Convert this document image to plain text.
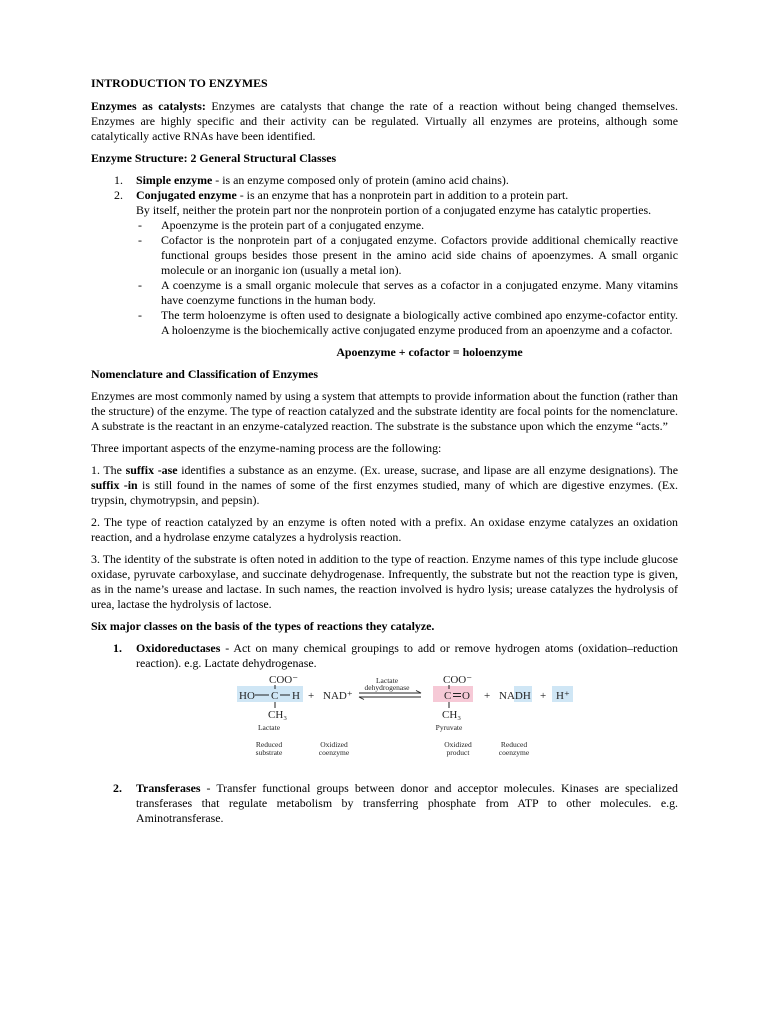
INTRODUCTION TO ENZYMES

Enzymes as catalysts: Enzymes are catalysts that change the rate of a reaction without being changed themselves. Enzymes are highly specific and their activity can be regulated. Virtually all enzymes are proteins, although some catalytically active RNAs have been identified.

Enzyme Structure: 2 General Structural Classes
1. Simple enzyme - is an enzyme composed only of protein (amino acid chains).
2. Conjugated enzyme - is an enzyme that has a nonprotein part in addition to a protein part.
By itself, neither the protein part nor the nonprotein portion of a conjugated enzyme has catalytic properties.
- Apoenzyme is the protein part of a conjugated enzyme.
- Cofactor is the nonprotein part of a conjugated enzyme. Cofactors provide additional chemically reactive functional groups besides those present in the amino acid side chains of apoenzymes. A small organic molecule or an inorganic ion (usually a metal ion).
- A coenzyme is a small organic molecule that serves as a cofactor in a conjugated enzyme. Many vitamins have coenzyme functions in the human body.
- The term holoenzyme is often used to designate a biologically active combined apo enzyme-cofactor entity. A holoenzyme is the biochemically active conjugated enzyme produced from an apoenzyme and a cofactor.
Apoenzyme + cofactor = holoenzyme
Nomenclature and Classification of Enzymes

Enzymes are most commonly named by using a system that attempts to provide information about the function (rather than the structure) of the enzyme. The type of reaction catalyzed and the substrate identity are focal points for the nomenclature. A substrate is the reactant in an enzyme-catalyzed reaction. The substrate is the substance upon which the enzyme “acts.”

Three important aspects of the enzyme-naming process are the following:

1. The suffix -ase identifies a substance as an enzyme. (Ex. urease, sucrase, and lipase are all enzyme designations). The suffix -in is still found in the names of some of the first enzymes studied, many of which are digestive enzymes. (Ex. trypsin, chymotrypsin, and pepsin).

2. The type of reaction catalyzed by an enzyme is often noted with a prefix. An oxidase enzyme catalyzes an oxidation reaction, and a hydrolase enzyme catalyzes a hydrolysis reaction.

3. The identity of the substrate is often noted in addition to the type of reaction. Enzyme names of this type include glucose oxidase, pyruvate carboxylase, and succinate dehydrogenase. Infrequently, the substrate but not the reaction type is given, as in the name’s urease and lactase. In such names, the reaction involved is hydro lysis; urease catalyzes the hydrolysis of urea, lactase the hydrolysis of lactose.

Six major classes on the basis of the types of reactions they catalyze.
1. Oxidoreductases - Act on many chemical groupings to add or remove hydrogen atoms (oxidation–reduction reaction). e.g. Lactate dehydrogenase.
COO⁻
HO C H
CH₃
+ NAD⁺
Lactate
dehydrogenase
COO⁻
C O
CH₃
+ NADH + H⁺
Lactate	Pyruvate
Reduced
substrate
Oxidized
coenzyme
Oxidized
product
Reduced
coenzyme
2. Transferases - Transfer functional groups between donor and acceptor molecules. Kinases are specialized transferases that regulate metabolism by transferring phosphate from ATP to other molecules. e.g. Aminotransferase.
